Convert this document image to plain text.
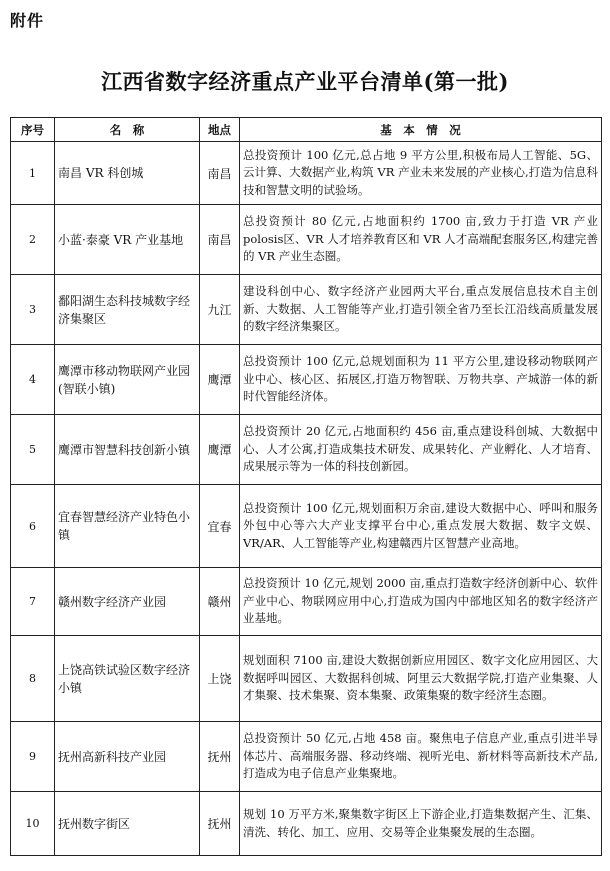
附件
江西省数字经济重点产业平台清单(第一批)
序号	名　称	地点	基　本　情　况
1	南昌 VR 科创城	南昌	总投资预计 100 亿元,总占地 9 平方公里,积极布局人工智能、5G、云计算、大数据产业,构筑 VR 产业未来发展的产业核心,打造为信息科技和智慧文明的试验场。
2	小蓝·泰豪 VR 产业基地	南昌	总投资预计 80 亿元,占地面积约 1700 亩,致力于打造 VR 产业polosis区、VR 人才培养教育区和 VR 人才高端配套服务区,构建完善的 VR 产业生态圈。
3	鄱阳湖生态科技城数字经济集聚区	九江	建设科创中心、数字经济产业园两大平台,重点发展信息技术自主创新、大数据、人工智能等产业,打造引领全省乃至长江沿线高质量发展的数字经济集聚区。
4	鹰潭市移动物联网产业园(智联小镇)	鹰潭	总投资预计 100 亿元,总规划面积为 11 平方公里,建设移动物联网产业中心、核心区、拓展区,打造万物智联、万物共享、产城游一体的新时代智能经济体。
5	鹰潭市智慧科技创新小镇	鹰潭	总投资预计 20 亿元,占地面积约 456 亩,重点建设科创城、大数据中心、人才公寓,打造成集技术研发、成果转化、产业孵化、人才培育、成果展示等为一体的科技创新园。
6	宜春智慧经济产业特色小镇	宜春	总投资预计 100 亿元,规划面积万余亩,建设大数据中心、呼叫和服务外包中心等六大产业支撑平台中心,重点发展大数据、数字文娱、VR/AR、人工智能等产业,构建赣西片区智慧产业高地。
7	赣州数字经济产业园	赣州	总投资预计 10 亿元,规划 2000 亩,重点打造数字经济创新中心、软件产业中心、物联网应用中心,打造成为国内中部地区知名的数字经济产业基地。
8	上饶高铁试验区数字经济小镇	上饶	规划面积 7100 亩,建设大数据创新应用园区、数字文化应用园区、大数据呼叫园区、大数据科创城、阿里云大数据学院,打造产业集聚、人才集聚、技术集聚、资本集聚、政策集聚的数字经济生态圈。
9	抚州高新科技产业园	抚州	总投资预计 50 亿元,占地 458 亩。聚焦电子信息产业,重点引进半导体芯片、高端服务器、移动终端、视听光电、新材料等高新技术产品,打造成为电子信息产业集聚地。
10	抚州数字街区	抚州	规划 10 万平方米,聚集数字街区上下游企业,打造集数据产生、汇集、清洗、转化、加工、应用、交易等企业集聚发展的生态圈。
